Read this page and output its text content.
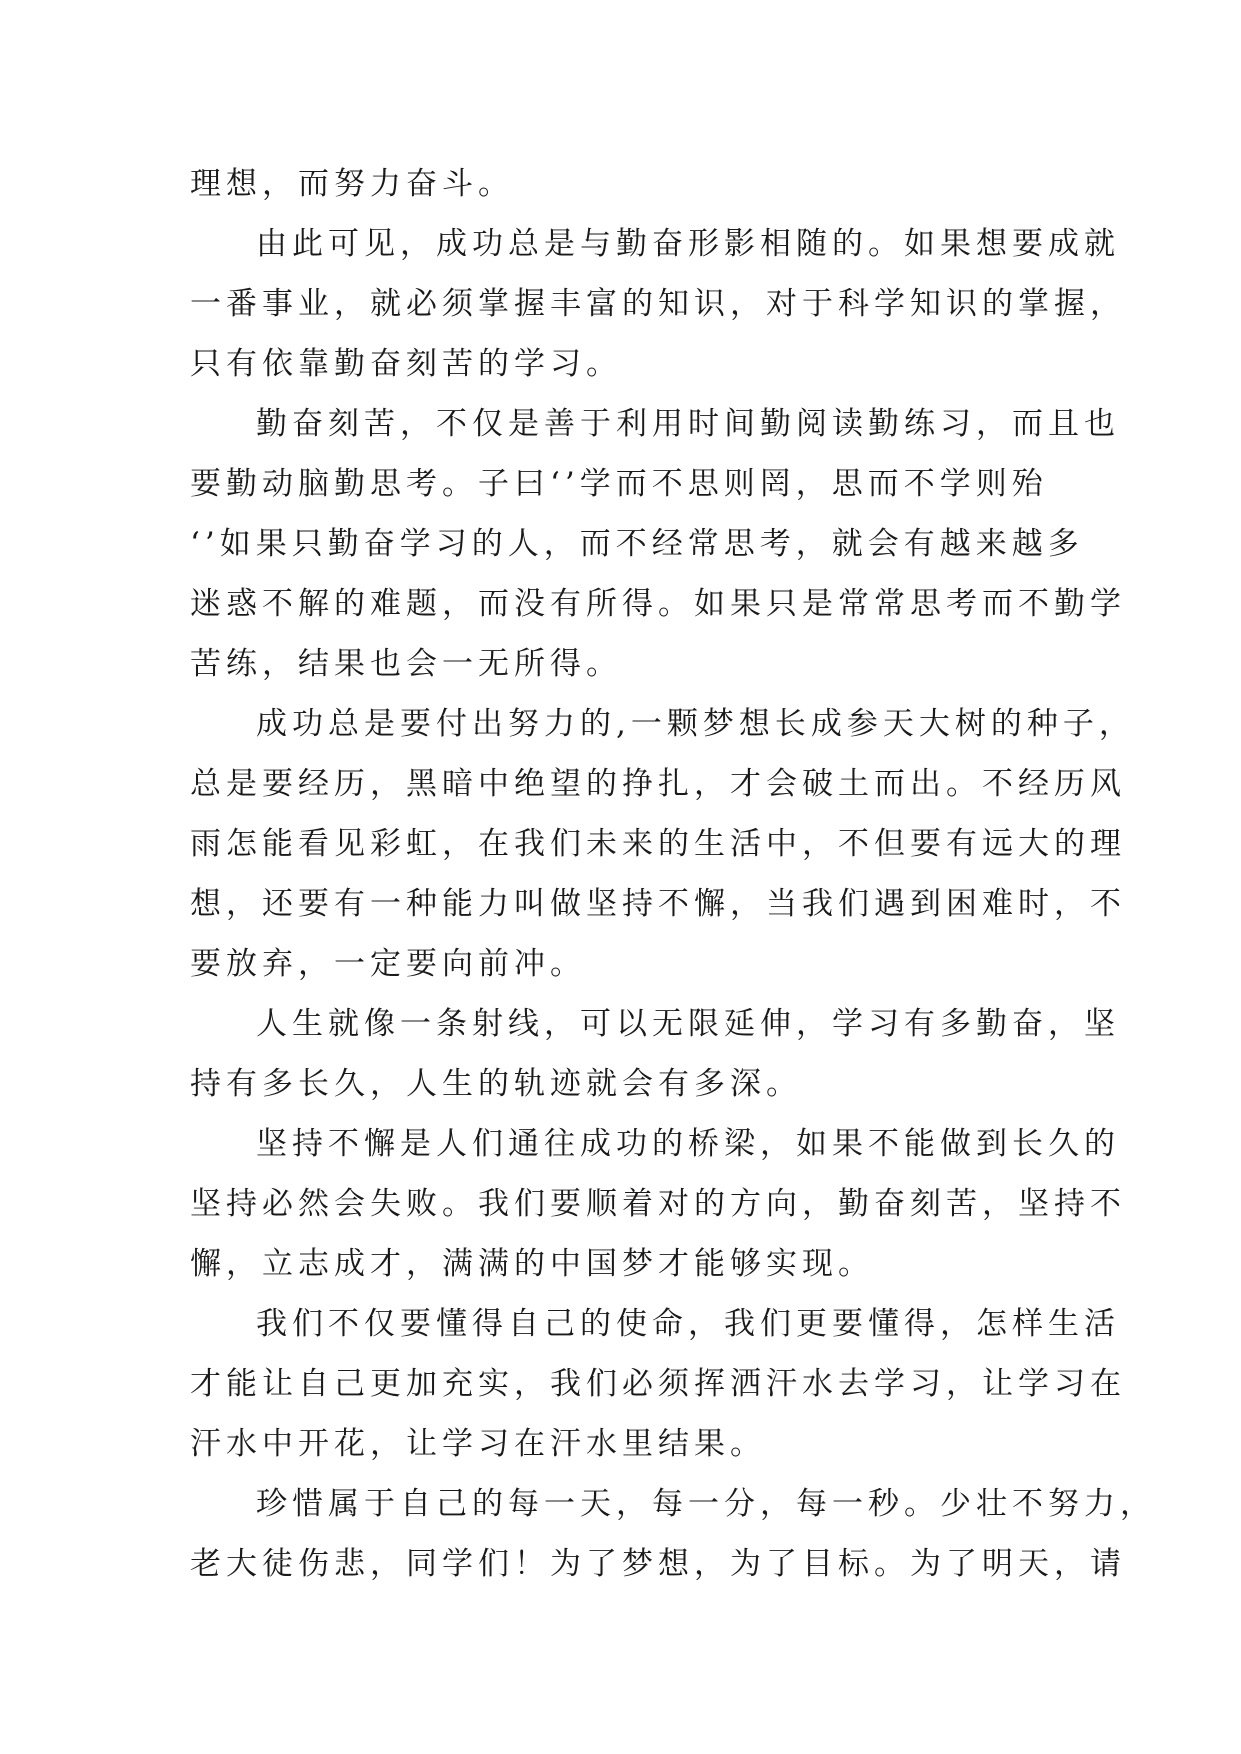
理想，而努力奋斗。
由此可见，成功总是与勤奋形影相随的。如果想要成就
一番事业，就必须掌握丰富的知识，对于科学知识的掌握，
只有依靠勤奋刻苦的学习。
勤奋刻苦，不仅是善于利用时间勤阅读勤练习，而且也
要勤动脑勤思考。子曰‘’学而不思则罔，思而不学则殆
‘’如果只勤奋学习的人，而不经常思考，就会有越来越多
迷惑不解的难题，而没有所得。如果只是常常思考而不勤学
苦练，结果也会一无所得。
成功总是要付出努力的,一颗梦想长成参天大树的种子，
总是要经历，黑暗中绝望的挣扎，才会破土而出。不经历风
雨怎能看见彩虹，在我们未来的生活中，不但要有远大的理
想，还要有一种能力叫做坚持不懈，当我们遇到困难时，不
要放弃，一定要向前冲。
人生就像一条射线，可以无限延伸，学习有多勤奋，坚
持有多长久，人生的轨迹就会有多深。
坚持不懈是人们通往成功的桥梁，如果不能做到长久的
坚持必然会失败。我们要顺着对的方向，勤奋刻苦，坚持不
懈，立志成才，满满的中国梦才能够实现。
我们不仅要懂得自己的使命，我们更要懂得，怎样生活
才能让自己更加充实，我们必须挥洒汗水去学习，让学习在
汗水中开花，让学习在汗水里结果。
珍惜属于自己的每一天，每一分，每一秒。少壮不努力，
老大徒伤悲，同学们！为了梦想，为了目标。为了明天，请
